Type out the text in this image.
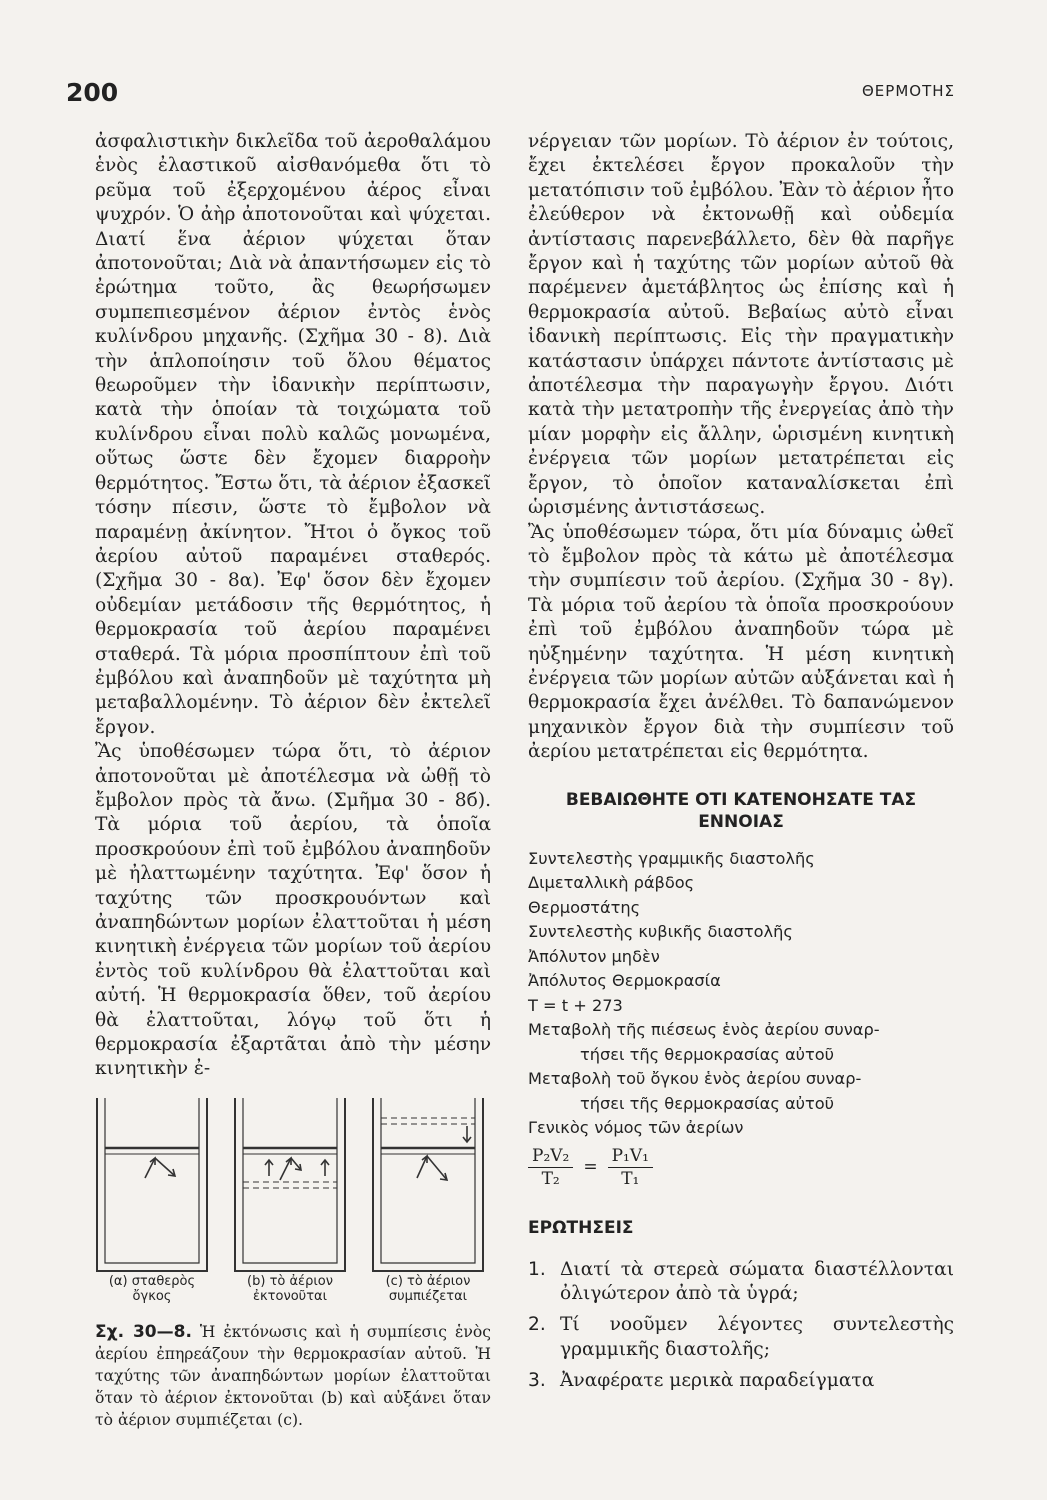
200	ΘΕΡΜΟΤΗΣ

ἀσφαλιστικὴν δικλεῖδα τοῦ ἀεροθαλάμου ἑνὸς ἐλαστικοῦ αἰσθανόμεθα ὅτι τὸ ρεῦμα τοῦ ἐξερχομένου ἀέρος εἶναι ψυχρόν. Ὁ ἀὴρ ἀποτονοῦται καὶ ψύχεται. Διατί ἕνα ἀέριον ψύχεται ὅταν ἀποτονοῦται; Διὰ νὰ ἀπαντήσωμεν εἰς τὸ ἐρώτημα τοῦτο, ἂς θεωρήσωμεν συμπεπιεσμένον ἀέριον ἐντὸς ἑνὸς κυλίνδρου μηχανῆς. (Σχῆμα 30 - 8). Διὰ τὴν ἁπλοποίησιν τοῦ ὅλου θέματος θεωροῦμεν τὴν ἰδανικὴν περίπτωσιν, κατὰ τὴν ὁποίαν τὰ τοιχώματα τοῦ κυλίνδρου εἶναι πολὺ καλῶς μονωμένα, οὕτως ὥστε δὲν ἔχομεν διαρροὴν θερμότητος. Ἔστω ὅτι, τὰ ἀέριον ἐξασκεῖ τόσην πίεσιν, ὥστε τὸ ἔμβολον νὰ παραμένῃ ἀκίνητον. Ἤτοι ὁ ὄγκος τοῦ ἀερίου αὐτοῦ παραμένει σταθερός. (Σχῆμα 30 - 8α). Ἐφ' ὅσον δὲν ἔχομεν οὐδεμίαν μετάδοσιν τῆς θερμότητος, ἡ θερμοκρασία τοῦ ἀερίου παραμένει σταθερά. Τὰ μόρια προσπίπτουν ἐπὶ τοῦ ἐμβόλου καὶ ἀναπηδοῦν μὲ ταχύτητα μὴ μεταβαλλομένην. Τὸ ἀέριον δὲν ἐκτελεῖ ἔργον.
Ἂς ὑποθέσωμεν τώρα ὅτι, τὸ ἀέριον ἀποτονοῦται μὲ ἀποτέλεσμα νὰ ὠθῇ τὸ ἔμβολον πρὸς τὰ ἄνω. (Σμῆμα 30 - 8б). Τὰ μόρια τοῦ ἀερίου, τὰ ὁποῖα προσκρούουν ἐπὶ τοῦ ἐμβόλου ἀναπηδοῦν μὲ ἠλαττωμένην ταχύτητα. Ἐφ' ὅσον ἡ ταχύτης τῶν προσκρουόντων καὶ ἀναπηδώντων μορίων ἐλαττοῦται ἡ μέση κινητικὴ ἐνέργεια τῶν μορίων τοῦ ἀερίου ἐντὸς τοῦ κυλίνδρου θὰ ἐλαττοῦται καὶ αὐτή. Ἡ θερμοκρασία ὅθεν, τοῦ ἀερίου θὰ ἐλαττοῦται, λόγῳ τοῦ ὅτι ἡ θερμοκρασία ἐξαρτᾶται ἀπὸ τὴν μέσην κινητικὴν ἐ-

(α) σταθερὸς
ὄγκος
(b) τὸ ἀέριον
ἐκτονοῦται
(c) τὸ ἀέριον
συμπιέζεται
Σχ. 30—8. Ἡ ἐκτόνωσις καὶ ἡ συμπίεσις ἑνὸς ἀερίου ἐπηρεάζουν τὴν θερμοκρασίαν αὐτοῦ. Ἡ ταχύτης τῶν ἀναπηδώντων μορίων ἐλαττοῦται ὅταν τὸ ἀέριον ἐκτονοῦται (b) καὶ αὐξάνει ὅταν τὸ ἀέριον συμπιέζεται (c).

νέργειαν τῶν μορίων. Τὸ ἀέριον ἐν τούτοις, ἔχει ἐκτελέσει ἔργον προκαλοῦν τὴν μετατόπισιν τοῦ ἐμβόλου. Ἐὰν τὸ ἀέριον ἦτο ἐλεύθερον νὰ ἐκτονωθῇ καὶ οὐδεμία ἀντίστασις παρενεβάλλετο, δὲν θὰ παρῆγε ἔργον καὶ ἡ ταχύτης τῶν μορίων αὐτοῦ θὰ παρέμενεν ἀμετάβλητος ὡς ἐπίσης καὶ ἡ θερμοκρασία αὐτοῦ. Βεβαίως αὐτὸ εἶναι ἰδανικὴ περίπτωσις. Εἰς τὴν πραγματικὴν κατάστασιν ὑπάρχει πάντοτε ἀντίστασις μὲ ἀποτέλεσμα τὴν παραγωγὴν ἔργου. Διότι κατὰ τὴν μετατροπὴν τῆς ἐνεργείας ἀπὸ τὴν μίαν μορφὴν εἰς ἄλλην, ὡρισμένη κινητικὴ ἐνέργεια τῶν μορίων μετατρέπεται εἰς ἔργον, τὸ ὁποῖον καταναλίσκεται ἐπὶ ὡρισμένης ἀντιστάσεως.
Ἂς ὑποθέσωμεν τώρα, ὅτι μία δύναμις ὠθεῖ τὸ ἔμβολον πρὸς τὰ κάτω μὲ ἀποτέλεσμα τὴν συμπίεσιν τοῦ ἀερίου. (Σχῆμα 30 - 8γ). Τὰ μόρια τοῦ ἀερίου τὰ ὁποῖα προσκρούουν ἐπὶ τοῦ ἐμβόλου ἀναπηδοῦν τώρα μὲ ηὐξημένην ταχύτητα. Ἡ μέση κινητικὴ ἐνέργεια τῶν μορίων αὐτῶν αὐξάνεται καὶ ἡ θερμοκρασία ἔχει ἀνέλθει. Τὸ δαπανώμενον μηχανικὸν ἔργον διὰ τὴν συμπίεσιν τοῦ ἀερίου μετατρέπεται εἰς θερμότητα.

ΒΕΒΑΙΩΘΗΤΕ ΟΤΙ ΚΑΤΕΝΟΗΣΑΤΕ ΤΑΣ ΕΝΝΟΙΑΣ
Συντελεστὴς γραμμικῆς διαστολῆς
Διμεταλλικὴ ράβδος
Θερμοστάτης
Συντελεστὴς κυβικῆς διαστολῆς
Ἀπόλυτον μηδὲν
Ἀπόλυτος Θερμοκρασία
T = t + 273
Μεταβολὴ τῆς πιέσεως ἑνὸς ἀερίου συναρ-
τήσει τῆς θερμοκρασίας αὐτοῦ
Μεταβολὴ τοῦ ὄγκου ἑνὸς ἀερίου συναρ-
τήσει τῆς θερμοκρασίας αὐτοῦ
Γενικὸς νόμος τῶν ἀερίων
$\frac{\text{P₂V₂}}{\text{T₂}} = \frac{\text{P₁V₁}}{\text{T₁}}$
ΕΡΩΤΗΣΕΙΣ
1. Διατί τὰ στερεὰ σώματα διαστέλλονται ὀλιγώτερον ἀπὸ τὰ ὑγρά;
2. Τί νοοῦμεν λέγοντες συντελεστὴς γραμμικῆς διαστολῆς;
3. Ἀναφέρατε μερικὰ παραδείγματα
